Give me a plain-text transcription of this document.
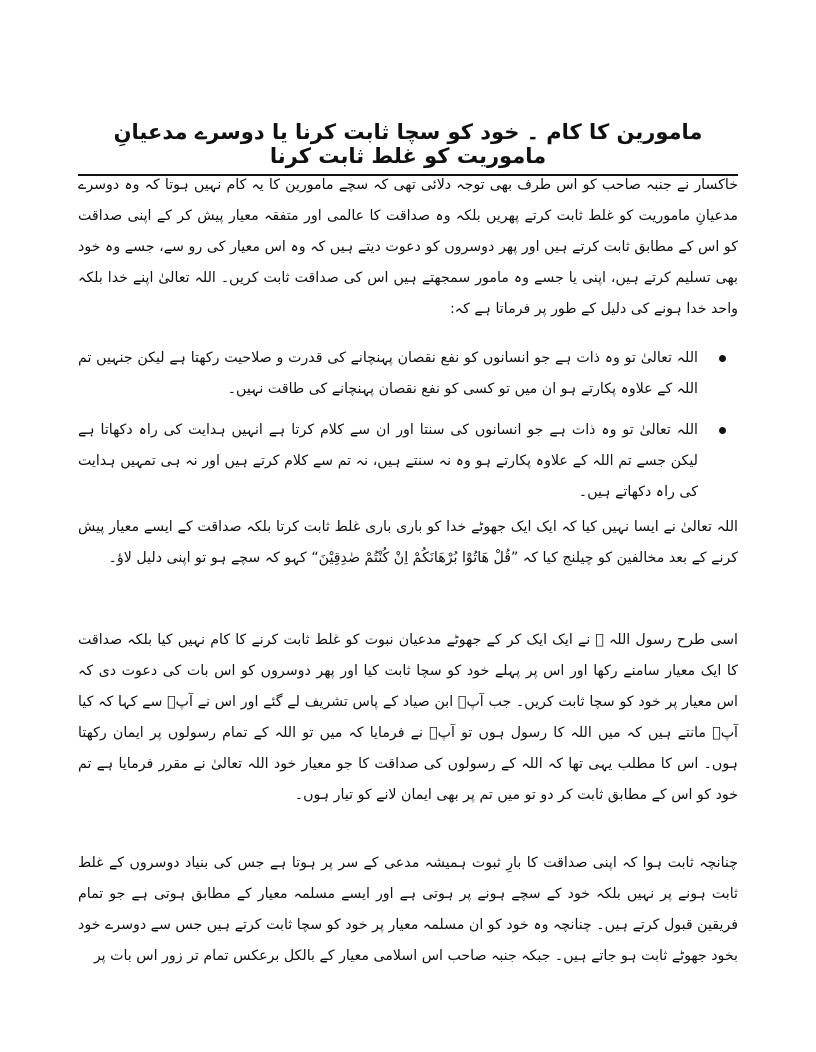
مامورین کا کام ۔ خود کو سچا ثابت کرنا یا دوسرے مدعیانِ ماموریت کو غلط ثابت کرنا

خاکسار نے جنبہ صاحب کو اس طرف بھی توجہ دلائی تھی کہ سچے مامورین کا یہ کام نہیں ہوتا کہ وہ دوسرے مدعیانِ ماموریت کو غلط ثابت کرتے پھریں بلکہ وہ صداقت کا عالمی اور متفقہ معیار پیش کر کے اپنی صداقت کو اس کے مطابق ثابت کرتے ہیں اور پھر دوسروں کو دعوت دیتے ہیں کہ وہ اس معیار کی رو سے، جسے وہ خود بھی تسلیم کرتے ہیں، اپنی یا جسے وہ مامور سمجھتے ہیں اس کی صداقت ثابت کریں۔ اللہ تعالیٰ اپنے خدا بلکہ واحد خدا ہونے کی دلیل کے طور پر فرماتا ہے کہ:

اللہ تعالیٰ تو وہ ذات ہے جو انسانوں کو نفع نقصان پہنچانے کی قدرت و صلاحیت رکھتا ہے لیکن جنہیں تم اللہ کے علاوہ پکارتے ہو ان میں تو کسی کو نفع نقصان پہنچانے کی طاقت نہیں۔
اللہ تعالیٰ تو وہ ذات ہے جو انسانوں کی سنتا اور ان سے کلام کرتا ہے انہیں ہدایت کی راہ دکھاتا ہے لیکن جسے تم اللہ کے علاوہ پکارتے ہو وہ نہ سنتے ہیں، نہ تم سے کلام کرتے ہیں اور نہ ہی تمہیں ہدایت کی راہ دکھاتے ہیں۔

اللہ تعالیٰ نے ایسا نہیں کیا کہ ایک ایک جھوٹے خدا کو باری باری غلط ثابت کرتا بلکہ صداقت کے ایسے معیار پیش کرنے کے بعد مخالفین کو چیلنج کیا کہ ”قُلْ هَاتُوْا بُرْهَانَكُمْ اِنْ كُنْتُمْ صٰدِقِيْنَ“ کہو کہ سچے ہو تو اپنی دلیل لاؤ۔

اسی طرح رسول اللہ ﷺ نے ایک ایک کر کے جھوٹے مدعیان نبوت کو غلط ثابت کرنے کا کام نہیں کیا بلکہ صداقت کا ایک معیار سامنے رکھا اور اس پر پہلے خود کو سچا ثابت کیا اور پھر دوسروں کو اس بات کی دعوت دی کہ اس معیار پر خود کو سچا ثابت کریں۔ جب آپؐ ابن صیاد کے پاس تشریف لے گئے اور اس نے آپؐ سے کہا کہ کیا آپؐ مانتے ہیں کہ میں اللہ کا رسول ہوں تو آپؐ نے فرمایا کہ میں تو اللہ کے تمام رسولوں پر ایمان رکھتا ہوں۔ اس کا مطلب یہی تھا کہ اللہ کے رسولوں کی صداقت کا جو معیار خود اللہ تعالیٰ نے مقرر فرمایا ہے تم خود کو اس کے مطابق ثابت کر دو تو میں تم پر بھی ایمان لانے کو تیار ہوں۔

چنانچہ ثابت ہوا کہ اپنی صداقت کا بارِ ثبوت ہمیشہ مدعی کے سر پر ہوتا ہے جس کی بنیاد دوسروں کے غلط ثابت ہونے پر نہیں بلکہ خود کے سچے ہونے پر ہوتی ہے اور ایسے مسلمہ معیار کے مطابق ہوتی ہے جو تمام فریقین قبول کرتے ہیں۔ چنانچہ وہ خود کو ان مسلمہ معیار پر خود کو سچا ثابت کرتے ہیں جس سے دوسرے خود بخود جھوٹے ثابت ہو جاتے ہیں۔ جبکہ جنبہ صاحب اس اسلامی معیار کے بالکل برعکس تمام تر زور اس بات پر
